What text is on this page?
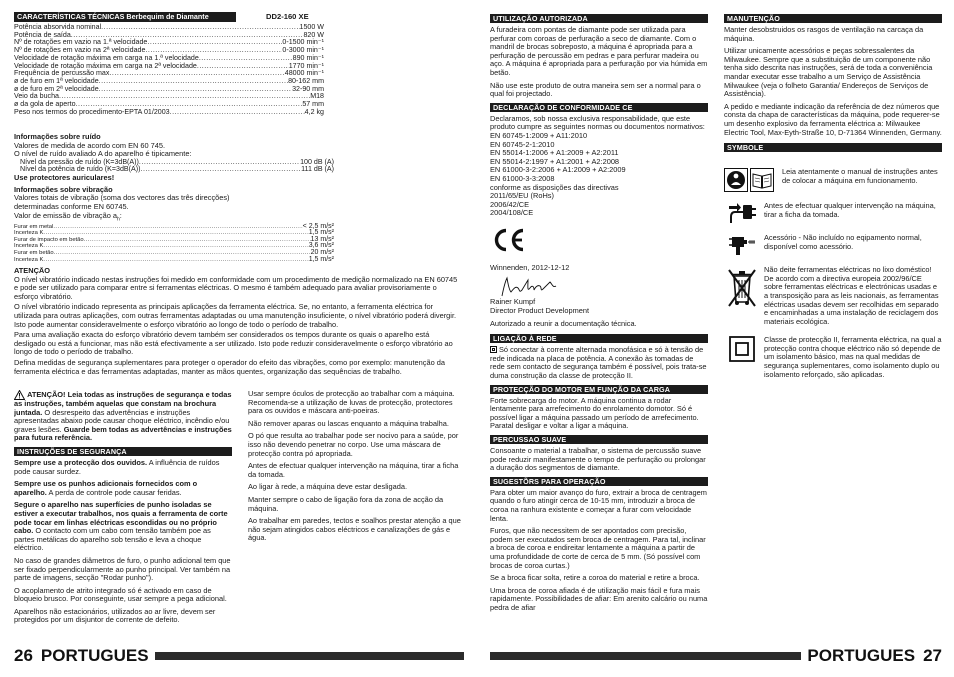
CARACTERÍSTICAS TÉCNICAS Berbequim de Diamante	DD2-160 XE
Potência absorvida nominal .....	1500 W
Potência de saída .....	820 W
Nº de rotações em vazio na 1.ª velocidade .....	0-1500 min⁻¹
Nº de rotações em vazio na 2ª velocidade .....	0-3000 min⁻¹
Velocidade de rotação máxima em carga na 1.ª velocidade .....	890 min⁻¹
Velocidade de rotação máxima em carga na 2ª velocidade .....	1770 min⁻¹
Frequência de percussão max .....	48000 min⁻¹
ø de furo em 1ª velocidade .....	80-162 mm
ø de furo em 2ª velocidade .....	32-90 mm
Veio da bucha .....	M18
ø da gola de aperto .....	57 mm
Peso nos termos do procedimento-EPTA 01/2003 .....	4,2 kg
Informações sobre ruído
Valores de medida de acordo com EN 60 745.
O nível de ruído avaliado A do aparelho é tipicamente:
Nível da pressão de ruído (K=3dB(A)) .....	100 dB (A)
Nível da potência de ruído (K=3dB(A)) .....	111 dB (A)
Use protectores auriculares!
Informações sobre vibração
Valores totais de vibração (soma dos vectores das três direcções) determinadas conforme EN 60745.
Valor de emissão de vibração $a_h$:
Furar em metal .....	< 2,5 m/s²
Incerteza K .....	1,5 m/s²
Furar de impacto em betão .....	13 m/s²
Incerteza K .....	3,6 m/s²
Furar em betão .....	20 m/s²
Incerteza K .....	1,5 m/s²
ATENÇÃO

O nível vibratório indicado nestas instruções foi medido em conformidade com um procedimento de medição normalizado na EN 60745 e pode ser utilizado para comparar entre si ferramentas eléctricas. O mesmo é também adequado para avaliar provisoriamente o esforço vibratório.

O nível vibratório indicado representa as principais aplicações da ferramenta eléctrica. Se, no entanto, a ferramenta eléctrica for utilizada para outras aplicações, com outras ferramentas adaptadas ou uma manutenção insuficiente, o nível vibratório poderá divergir. Isto pode aumentar consideravelmente o esforço vibratório ao longo de todo o período de trabalho.

Para uma avaliação exacta do esforço vibratório devem também ser considerados os tempos durante os quais o aparelho está desligado ou está a funcionar, mas não está efectivamente a ser utilizado. Isto pode reduzir consideravelmente o esforço vibratório ao longo de todo o período de trabalho.

Defina medidas de segurança suplementares para proteger o operador do efeito das vibrações, como por exemplo: manutenção da ferramenta eléctrica e das ferramentas adaptadas, manter as mãos quentes, organização das sequências de trabalho.

ATENÇÃO! Leia todas as instruções de segurança e todas as instruções, também aquelas que constam na brochura juntada. O desrespeito das advertências e instruções apresentadas abaixo pode causar choque eléctrico, incêndio e/ou graves lesões. Guarde bem todas as advertências e instruções para futura referência.

INSTRUÇÕES DE SEGURANÇA

Sempre use a protecção dos ouvidos. A influência de ruídos pode causar surdez.

Sempre use os punhos adicionais fornecidos com o aparelho. A perda de controle pode causar feridas.

Segure o aparelho nas superfícies de punho isoladas se estiver a executar trabalhos, nos quais a ferramenta de corte pode tocar em linhas eléctricas escondidas ou no próprio cabo. O contacto com um cabo com tensão também poe as partes metálicas do aparelho sob tensão e leva a choque eléctrico.

No caso de grandes diâmetros de furo, o punho adicional tem que ser fixado perpendicularmente ao punho principal. Ver também na parte de imagens, secção "Rodar punho").

O acoplamento de atrito integrado só é activado em caso de bloqueio brusco. Por conseguinte, usar sempre a pega adicional.

Aparelhos não estacionários, utilizados ao ar livre, devem ser protegidos por um disjuntor de corrente de defeito.

Usar sempre óculos de protecção ao trabalhar com a máquina. Recomenda-se a utilização de luvas de protecção, protectores para os ouvidos e máscara anti-poeiras.

Não remover aparas ou lascas enquanto a máquina trabalha.

O pó que resulta ao trabalhar pode ser nocivo para a saúde, por isso não devendo penetrar no corpo. Use uma máscara de protecção contra pó apropriada.

Antes de efectuar qualquer intervenção na máquina, tirar a ficha da tomada.

Ao ligar à rede, a máquina deve estar desligada.

Manter sempre o cabo de ligação fora da zona de acção da máquina.

Ao trabalhar em paredes, tectos e soalhos prestar atenção a que não sejam atingidos cabos eléctricos e canalizações de gás e água.

26 PORTUGUES
UTILIZAÇÃO AUTORIZADA

A furadeira com pontas de diamante pode ser utilizada para perfurar com coroas de perfuração a seco de diamante. Com o mandril de brocas sobreposto, a máquina é apropriada para a perfuração de percussão em pedras e para perfurar madeira ou aço. A máquina é apropriada para a perfuração por via húmida em betão.

Não use este produto de outra maneira sem ser a normal para o qual foi projectado.

DECLARAÇÃO DE CONFORMIDADE CE
Declaramos, sob nossa exclusiva responsabilidade, que este produto cumpre as seguintes normas ou documentos normativos:
EN 60745-1:2009 + A11:2010
EN 60745-2-1:2010
EN 55014-1:2006 + A1:2009 + A2:2011
EN 55014-2:1997 + A1:2001 + A2:2008
EN 61000-3-2:2006 + A1:2009 + A2:2009
EN 61000-3-3:2008
conforme as disposições das directivas
2011/65/EU (RoHs)
2006/42/CE
2004/108/CE
Winnenden, 2012-12-12
Rainer Kumpf
Director Product Development

Autorizado a reunir a documentação técnica.

LIGAÇÃO À REDE

Só conectar à corrente alternada monofásica e só à tensão de rede indicada na placa de potência. A conexão às tomadas de rede sem contacto de segurança também é possível, pois trata-se duma construção da classe de protecção II.

PROTECÇÃO DO MOTOR EM FUNÇÃO DA CARGA

Forte sobrecarga do motor. A máquina continua a rodar lentamente para arrefecimento do enrolamento domotor. Só é possível ligar a máquina passado um período de arrefecimento. Paratal desligar e voltar a ligar a máquina.

PERCUSSAO SUAVE

Consoante o material a trabalhar, o sistema de percussão suave pode reduzir manifestamente o tempo de perfuração ou prolongar a duração dos segmentos de diamante.

SUGESTÕRS PARA OPERAÇÃO

Para obter um maior avanço do furo, extrair a broca de centragem quando o furo atingir cerca de 10-15 mm, introduzir a broca de coroa na ranhura existente e começar a furar com velocidade lenta.

Furos, que não necessitem de ser apontados com precisão, podem ser executados sem broca de centragem. Para tal, inclinar a broca de coroa e endireitar lentamente a máquina a partir de uma profundidade de corte de cerca de 5 mm. (Só possível com brocas de coroa curtas.)

Se a broca ficar solta, retire a coroa do material e retire a broca.

Uma broca de coroa afiada é de utilização mais fácil e fura mais rapidamente. Possibilidades de afiar: Em arenito calcário ou numa pedra de afiar

MANUTENÇÃO

Manter desobstruidos os rasgos de ventilação na carcaça da máquina.

Utilizar unicamente acessórios e peças sobressalentes da Milwaukee. Sempre que a substituição de um componente não tenha sido descrita nas instruções, será de toda a conveniência mandar executar esse trabalho a um Serviço de Assistência Milwaukee (veja o folheto Garantia/ Endereços de Serviços de Assistência).

A pedido e mediante indicação da referência de dez números que consta da chapa de características da máquina, pode requerer-se um desenho explosivo da ferramenta eléctrica a: Milwaukee Electric Tool, Max-Eyth-Straße 10, D-71364 Winnenden, Germany.

SYMBOLE
Leia atentamente o manual de instruções antes de colocar a máquina em funcionamento.
Antes de efectuar qualquer intervenção na máquina, tirar a ficha da tomada.
Acessório - Não incluído no eqipamento normal, disponível como acessório.
Não deite ferramentas eléctricas no lixo doméstico! De acordo com a directiva europeia 2002/96/CE sobre ferramentas eléctricas e electrónicas usadas e a transposição para as leis nacionais, as ferramentas eléctricas usadas devem ser recolhidas em separado e encaminhadas a uma instalação de reciclagem dos materiais ecológica.
Classe de protecção II, ferramenta eléctrica, na qual a protecção contra choque eléctrico não só depende de um isolamento básico, mas na qual medidas de segurança suplementares, como isolamento duplo ou isolamento reforçado, são aplicadas.
PORTUGUES 27
